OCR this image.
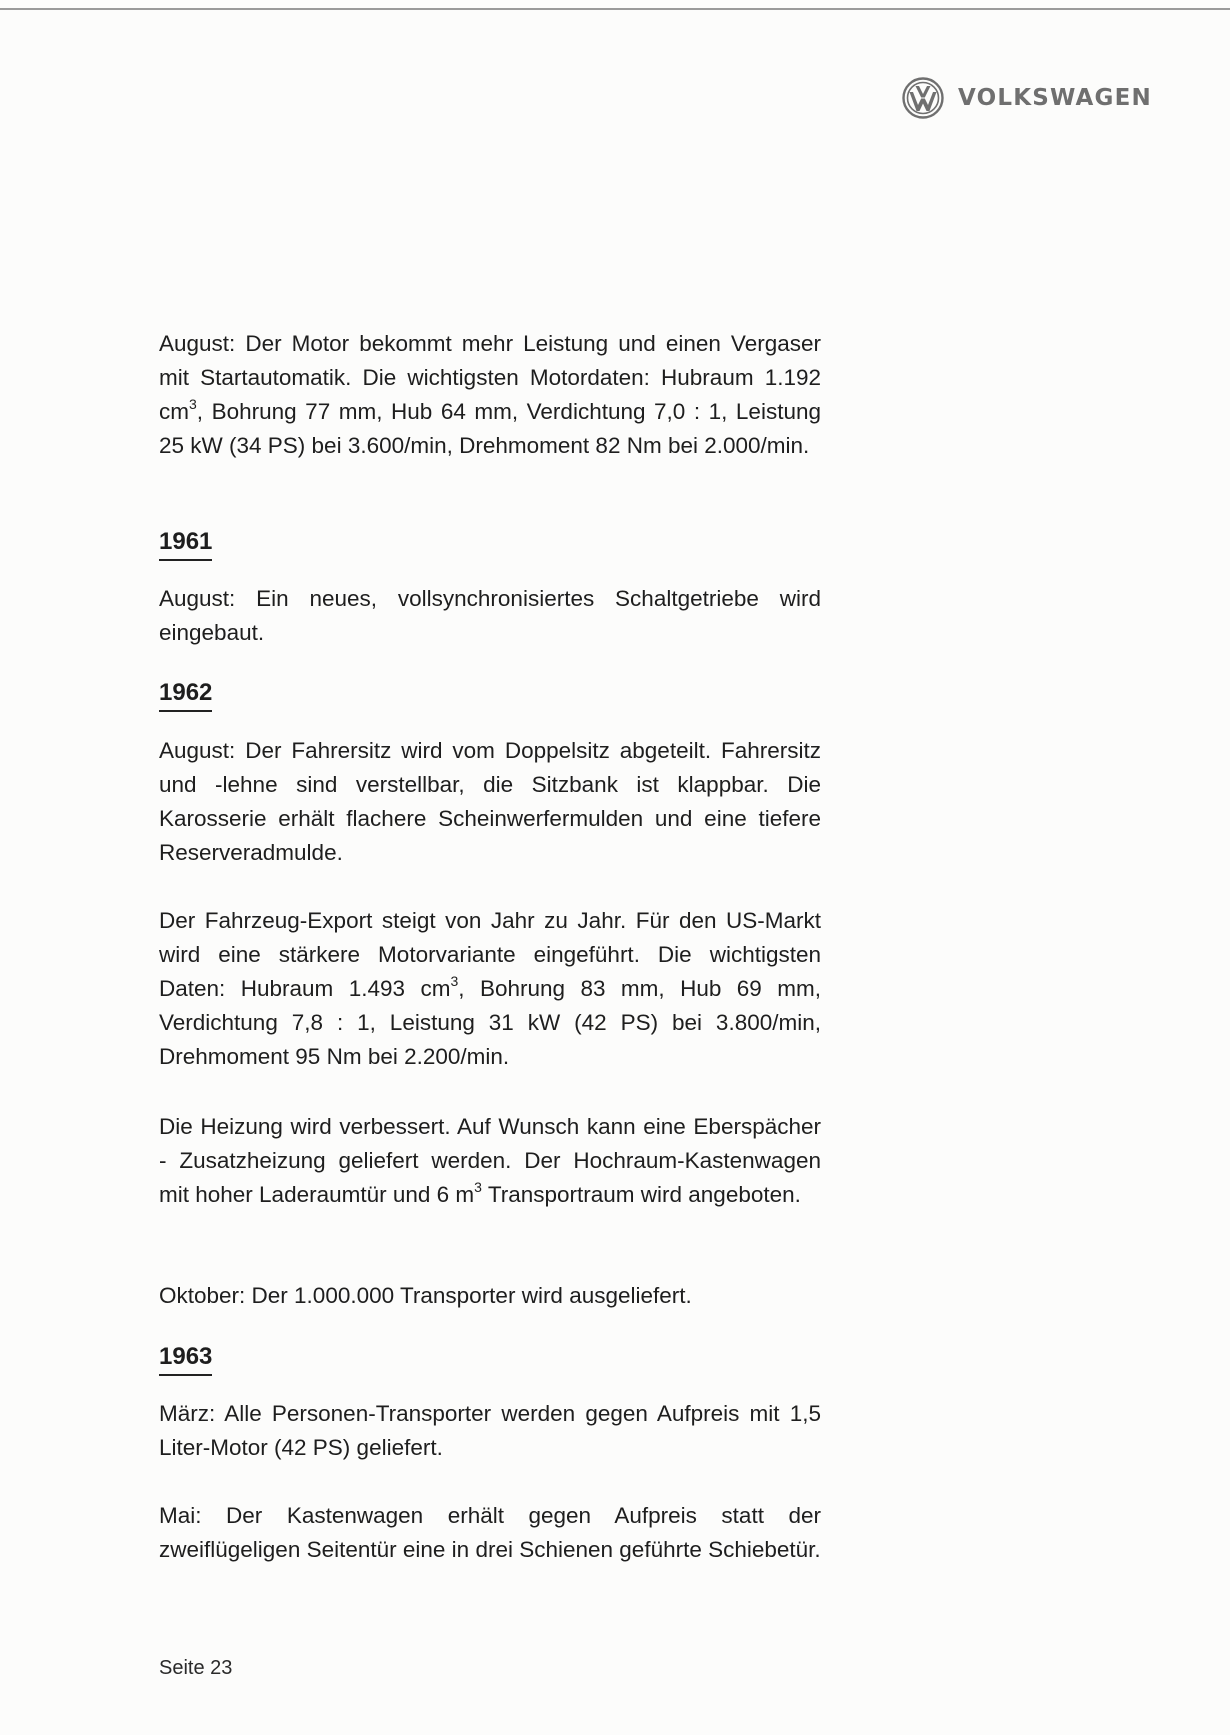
VOLKSWAGEN

August: Der Motor bekommt mehr Leistung und einen Vergaser mit Startautomatik. Die wichtigsten Motordaten: Hubraum 1.192 $cm^3$, Bohrung 77 mm, Hub 64 mm, Verdichtung 7,0 : 1, Leistung 25 kW (34 PS) bei 3.600/min, Drehmoment 82 Nm bei 2.000/min.

1961

August: Ein neues, vollsynchronisiertes Schaltgetriebe wird eingebaut.

1962

August: Der Fahrersitz wird vom Doppelsitz abgeteilt. Fahrersitz und -lehne sind verstellbar, die Sitzbank ist klappbar. Die Karosserie erhält flachere Scheinwerfermulden und eine tiefere Reserveradmulde.

Der Fahrzeug-Export steigt von Jahr zu Jahr. Für den US-Markt wird eine stärkere Motorvariante eingeführt. Die wichtigsten Daten: Hubraum 1.493 $cm^3$, Bohrung 83 mm, Hub 69 mm, Verdichtung 7,8 : 1, Leistung 31 kW (42 PS) bei 3.800/min, Drehmoment 95 Nm bei 2.200/min.

Die Heizung wird verbessert. Auf Wunsch kann eine Eberspächer - Zusatzheizung geliefert werden. Der Hochraum-Kastenwagen mit hoher Laderaumtür und 6 $m^3$ Transportraum wird angeboten.

Oktober: Der 1.000.000 Transporter wird ausgeliefert.

1963

März: Alle Personen-Transporter werden gegen Aufpreis mit 1,5 Liter-Motor (42 PS) geliefert.

Mai: Der Kastenwagen erhält gegen Aufpreis statt der zweiflügeligen Seitentür eine in drei Schienen geführte Schiebetür.

Seite 23
